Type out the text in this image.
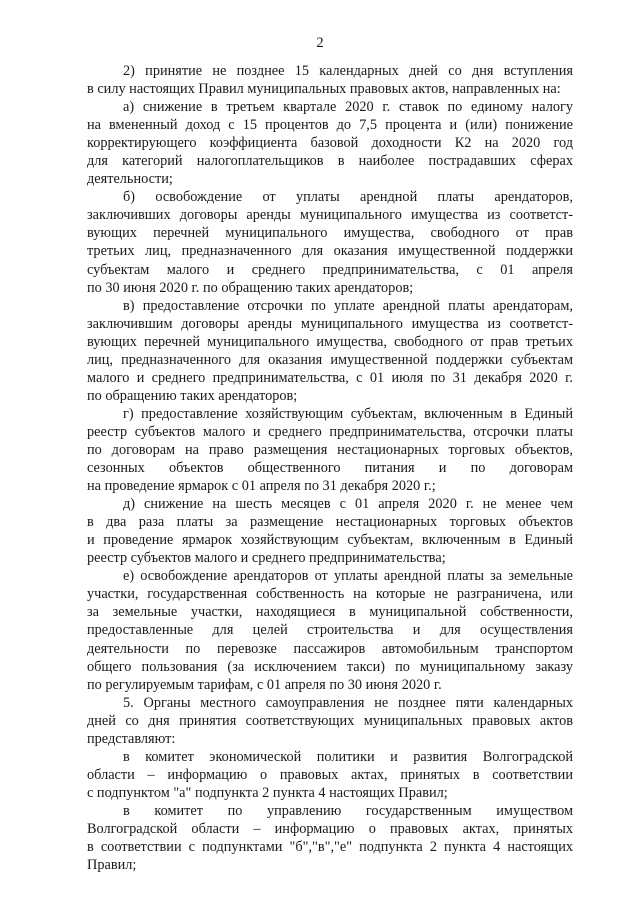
2
2) принятие не позднее 15 календарных дней со дня вступления
в силу настоящих Правил муниципальных правовых актов, направленных на:
а) снижение в третьем квартале 2020 г. ставок по единому налогу
на вмененный доход с 15 процентов до 7,5 процента и (или) понижение
корректирующего коэффициента базовой доходности К2 на 2020 год
для категорий налогоплательщиков в наиболее пострадавших сферах
деятельности;
б) освобождение от уплаты арендной платы арендаторов,
заключивших договоры аренды муниципального имущества из соответст-
вующих перечней муниципального имущества, свободного от прав
третьих лиц, предназначенного для оказания имущественной поддержки
субъектам малого и среднего предпринимательства, с 01 апреля
по 30 июня 2020 г. по обращению таких арендаторов;
в) предоставление отсрочки по уплате арендной платы арендаторам,
заключившим договоры аренды муниципального имущества из соответст-
вующих перечней муниципального имущества, свободного от прав третьих
лиц, предназначенного для оказания имущественной поддержки субъектам
малого и среднего предпринимательства, с 01 июля по 31 декабря 2020 г.
по обращению таких арендаторов;
г) предоставление хозяйствующим субъектам, включенным в Единый
реестр субъектов малого и среднего предпринимательства, отсрочки платы
по договорам на право размещения нестационарных торговых объектов,
сезонных объектов общественного питания и по договорам
на проведение ярмарок с 01 апреля по 31 декабря 2020 г.;
д) снижение на шесть месяцев с 01 апреля 2020 г. не менее чем
в два раза платы за размещение нестационарных торговых объектов
и проведение ярмарок хозяйствующим субъектам, включенным в Единый
реестр субъектов малого и среднего предпринимательства;
е) освобождение арендаторов от уплаты арендной платы за земельные
участки, государственная собственность на которые не разграничена, или
за земельные участки, находящиеся в муниципальной собственности,
предоставленные для целей строительства и для осуществления
деятельности по перевозке пассажиров автомобильным транспортом
общего пользования (за исключением такси) по муниципальному заказу
по регулируемым тарифам, с 01 апреля по 30 июня 2020 г.
5. Органы местного самоуправления не позднее пяти календарных
дней со дня принятия соответствующих муниципальных правовых актов
представляют:
в комитет экономической политики и развития Волгоградской
области – информацию о правовых актах, принятых в соответствии
с подпунктом "а" подпункта 2 пункта 4 настоящих Правил;
в комитет по управлению государственным имуществом
Волгоградской области – информацию о правовых актах, принятых
в соответствии с подпунктами "б","в","е" подпункта 2 пункта 4 настоящих
Правил;
